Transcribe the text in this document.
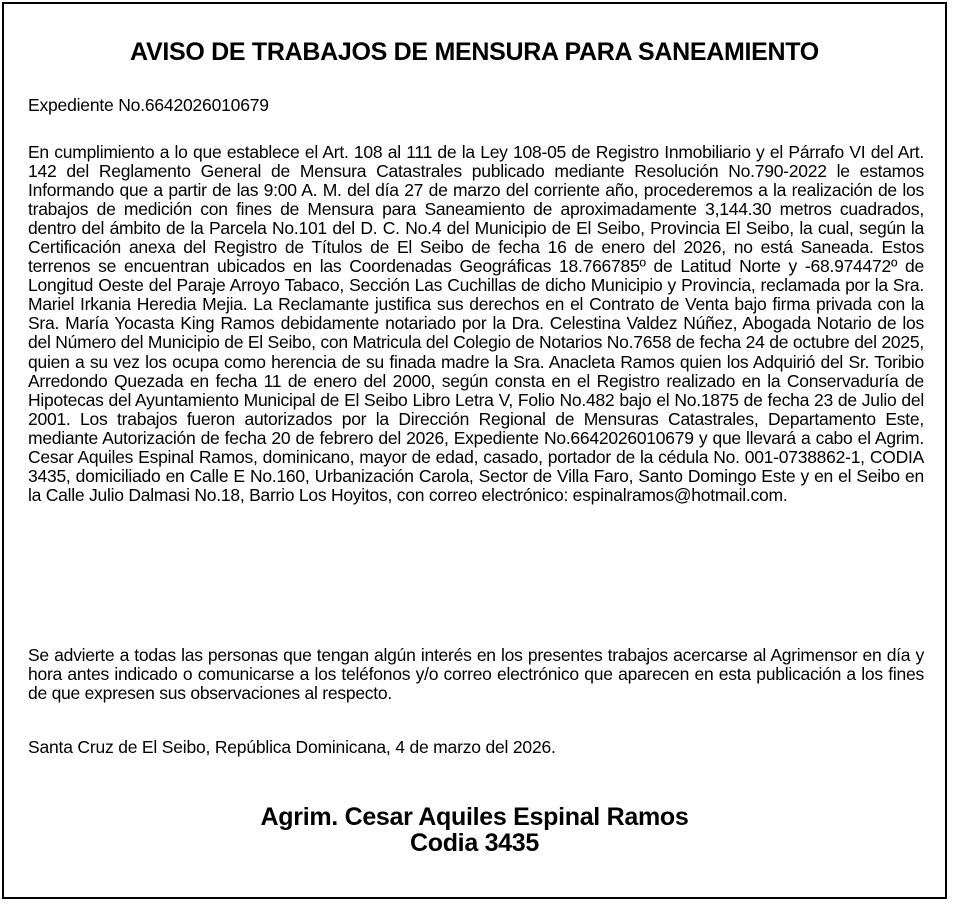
AVISO DE TRABAJOS DE MENSURA PARA SANEAMIENTO
Expediente No.6642026010679
En cumplimiento a lo que establece el Art. 108 al 111 de la Ley 108-05 de Registro Inmobiliario y el Párrafo VI del Art. 142 del Reglamento General de Mensura Catastrales publicado mediante Resolución No.790-2022 le estamos Informando que a partir de las 9:00 A. M. del día 27 de marzo del corriente año, procederemos a la realización de los trabajos de medición con fines de Mensura para Saneamiento de aproximadamente 3,144.30 metros cuadrados, dentro del ámbito de la Parcela No.101 del D. C. No.4 del Municipio de El Seibo, Provincia El Seibo, la cual, según la Certificación anexa del Registro de Títulos de El Seibo de fecha 16 de enero del 2026, no está Saneada. Estos terrenos se encuentran ubicados en las Coordenadas Geográficas 18.766785º de Latitud Norte y -68.974472º de Longitud Oeste del Paraje Arroyo Tabaco, Sección Las Cuchillas de dicho Municipio y Provincia, reclamada por la Sra. Mariel Irkania Heredia Mejia. La Reclamante justifica sus derechos en el Contrato de Venta bajo firma privada con la Sra. María Yocasta King Ramos debidamente notariado por la Dra. Celestina Valdez Núñez, Abogada Notario de los del Número del Municipio de El Seibo, con Matricula del Colegio de Notarios No.7658 de fecha 24 de octubre del 2025, quien a su vez los ocupa como herencia de su finada madre la Sra. Anacleta Ramos quien los Adquirió del Sr. Toribio Arredondo Quezada en fecha 11 de enero del 2000, según consta en el Registro realizado en la Conservaduría de Hipotecas del Ayuntamiento Municipal de El Seibo Libro Letra V, Folio No.482 bajo el No.1875 de fecha 23 de Julio del 2001. Los trabajos fueron autorizados por la Dirección Regional de Mensuras Catastrales, Departamento Este, mediante Autorización de fecha 20 de febrero del 2026, Expediente No.6642026010679 y que llevará a cabo el Agrim. Cesar Aquiles Espinal Ramos, dominicano, mayor de edad, casado, portador de la cédula No. 001-0738862-1, CODIA 3435, domiciliado en Calle E No.160, Urbanización Carola, Sector de Villa Faro, Santo Domingo Este y en el Seibo en la Calle Julio Dalmasi No.18, Barrio Los Hoyitos, con correo electrónico: espinalramos@hotmail.com.
Se advierte a todas las personas que tengan algún interés en los presentes trabajos acercarse al Agrimensor en día y hora antes indicado o comunicarse a los teléfonos y/o correo electrónico que aparecen en esta publicación a los fines de que expresen sus observaciones al respecto.
Santa Cruz de El Seibo, República Dominicana, 4 de marzo del 2026.
Agrim. Cesar Aquiles Espinal Ramos
Codia 3435
